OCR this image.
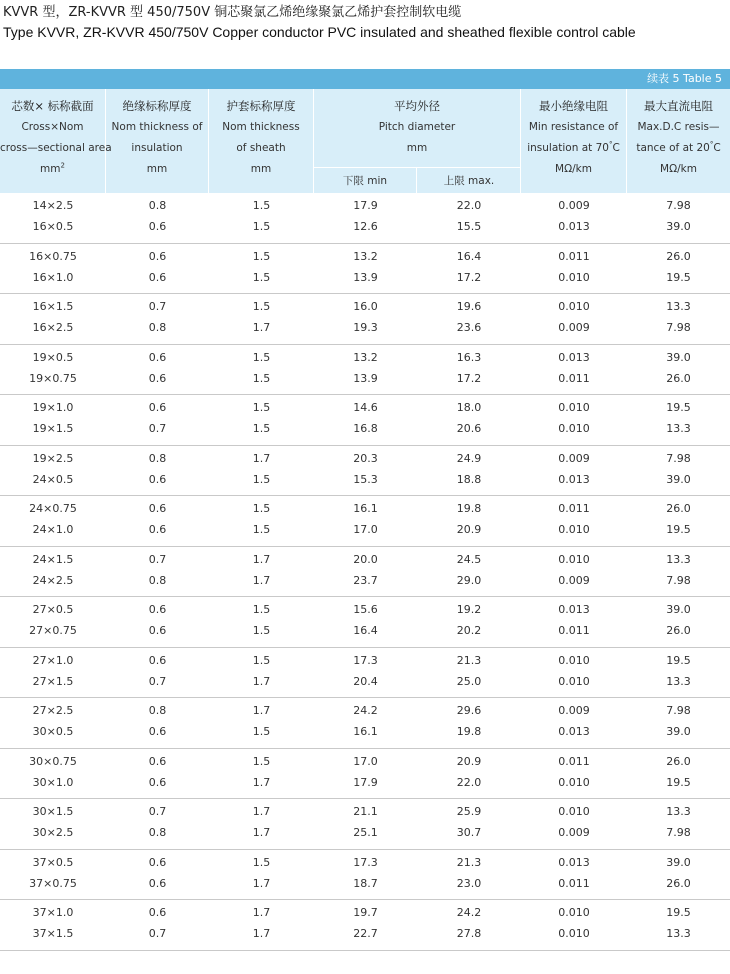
KVVR 型，ZR-KVVR 型 450/750V 铜芯聚氯乙烯绝缘聚氯乙烯护套控制软电缆
Type KVVR, ZR-KVVR 450/750V Copper conductor PVC insulated and sheathed flexible control cable
续表 5 Table 5
芯数× 标称截面
Cross×Nom
cross—sectional area
$mm^2$
绝缘标称厚度
Nom thickness of
insulation
mm
护套标称厚度
Nom thickness
of sheath
mm
平均外径
Pitch diameter
mm
下限 min	上限 max.
最小绝缘电阻
Min resistance of
insulation at 70°C
MΩ/km
最大直流电阻
Max.D.C resis—
tance of at 20°C
MΩ/km
14×2.5	0.8	1.5	17.9	22.0	0.009	7.98
16×0.5	0.6	1.5	12.6	15.5	0.013	39.0
16×0.75	0.6	1.5	13.2	16.4	0.011	26.0
16×1.0	0.6	1.5	13.9	17.2	0.010	19.5
16×1.5	0.7	1.5	16.0	19.6	0.010	13.3
16×2.5	0.8	1.7	19.3	23.6	0.009	7.98
19×0.5	0.6	1.5	13.2	16.3	0.013	39.0
19×0.75	0.6	1.5	13.9	17.2	0.011	26.0
19×1.0	0.6	1.5	14.6	18.0	0.010	19.5
19×1.5	0.7	1.5	16.8	20.6	0.010	13.3
19×2.5	0.8	1.7	20.3	24.9	0.009	7.98
24×0.5	0.6	1.5	15.3	18.8	0.013	39.0
24×0.75	0.6	1.5	16.1	19.8	0.011	26.0
24×1.0	0.6	1.5	17.0	20.9	0.010	19.5
24×1.5	0.7	1.7	20.0	24.5	0.010	13.3
24×2.5	0.8	1.7	23.7	29.0	0.009	7.98
27×0.5	0.6	1.5	15.6	19.2	0.013	39.0
27×0.75	0.6	1.5	16.4	20.2	0.011	26.0
27×1.0	0.6	1.5	17.3	21.3	0.010	19.5
27×1.5	0.7	1.7	20.4	25.0	0.010	13.3
27×2.5	0.8	1.7	24.2	29.6	0.009	7.98
30×0.5	0.6	1.5	16.1	19.8	0.013	39.0
30×0.75	0.6	1.5	17.0	20.9	0.011	26.0
30×1.0	0.6	1.7	17.9	22.0	0.010	19.5
30×1.5	0.7	1.7	21.1	25.9	0.010	13.3
30×2.5	0.8	1.7	25.1	30.7	0.009	7.98
37×0.5	0.6	1.5	17.3	21.3	0.013	39.0
37×0.75	0.6	1.7	18.7	23.0	0.011	26.0
37×1.0	0.6	1.7	19.7	24.2	0.010	19.5
37×1.5	0.7	1.7	22.7	27.8	0.010	13.3
